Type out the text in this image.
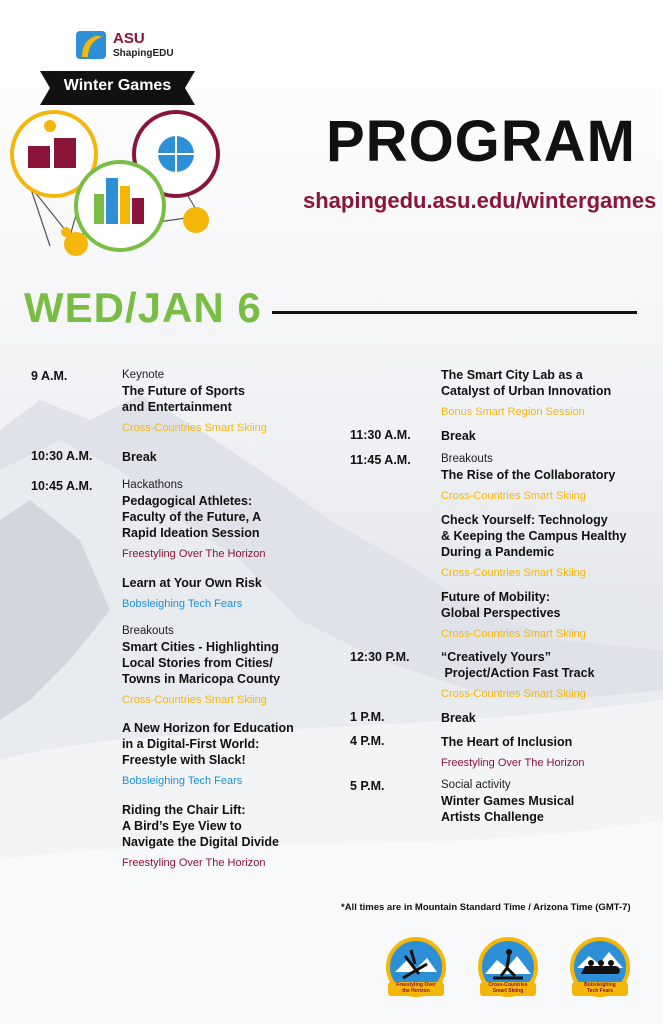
ASU
ShapingEDU
Winter Games
PROGRAM
shapingedu.asu.edu/wintergames
WED/JAN 6
9 A.M.	Keynote
The Future of Sports
and Entertainment
Cross-Countries Smart Skiing
10:30 A.M. Break
10:45 A.M.	Hackathons
Pedagogical Athletes:
Faculty of the Future, A
Rapid Ideation Session
Freestyling Over The Horizon
Learn at Your Own Risk
Bobsleighing Tech Fears
Breakouts
Smart Cities - Highlighting
Local Stories from Cities/
Towns in Maricopa County
Cross-Countries Smart Skiing
A New Horizon for Education
in a Digital-First World:
Freestyle with Slack!
Bobsleighing Tech Fears
Riding the Chair Lift:
A Bird’s Eye View to
Navigate the Digital Divide
Freestyling Over The Horizon
The Smart City Lab as a
Catalyst of Urban Innovation
Bonus Smart Region Session
11:30 A.M. Break
11:45 A.M.	Breakouts
The Rise of the Collaboratory
Cross-Countries Smart Skiing
Check Yourself: Technology
& Keeping the Campus Healthy
During a Pandemic
Cross-Countries Smart Skiing
Future of Mobility:
Global Perspectives
Cross-Countries Smart Skiing
12:30 P.M.	“Creatively Yours”
Project/Action Fast Track
Cross-Countries Smart Skiing
1 P.M.	Break
4 P.M.	The Heart of Inclusion
Freestyling Over The Horizon
5 P.M.	Social activity
Winter Games Musical
Artists Challenge
*All times are in Mountain Standard Time / Arizona Time (GMT-7)
Freestyling Over
the Horizon
Cross-Countries
Smart Skiing
Bobsleighing
Tech Fears
